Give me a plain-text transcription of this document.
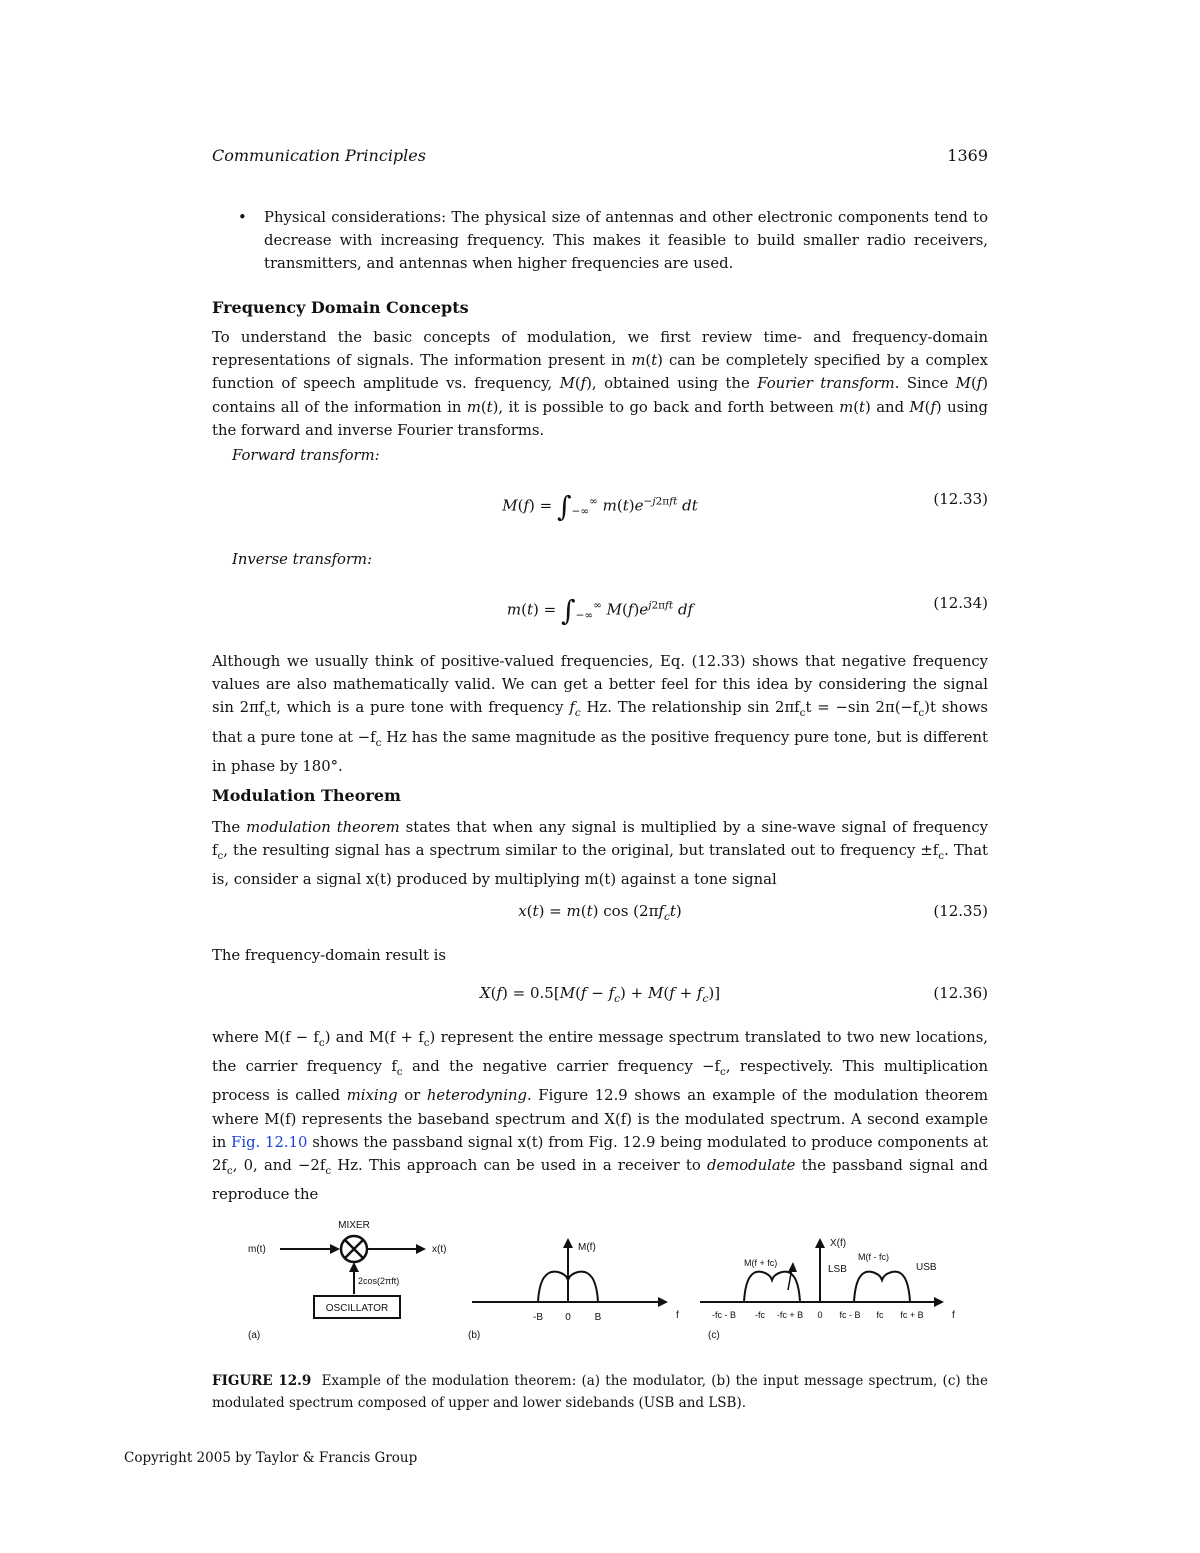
Communication Principles	1369
• Physical considerations: The physical size of antennas and other electronic components tend to decrease with increasing frequency. This makes it feasible to build smaller radio receivers, transmitters, and antennas when higher frequencies are used.
Frequency Domain Concepts
To understand the basic concepts of modulation, we first review time- and frequency-domain representations of signals. The information present in m(t) can be completely specified by a complex function of speech amplitude vs. frequency, M(f), obtained using the Fourier transform. Since M(f) contains all of the information in m(t), it is possible to go back and forth between m(t) and M(f) using the forward and inverse Fourier transforms.
Forward transform:
$M(f) = \int_{-\infty}^\infty$ $m(t)e^{-j2\pi ft}$ dt	(12.33)
Inverse transform:
$m(t) = \int_{-\infty}^\infty$ $M(f)e^{j2\pi ft}$ df	(12.34)
Although we usually think of positive-valued frequencies, Eq. (12.33) shows that negative frequency values are also mathematically valid. We can get a better feel for this idea by considering the signal $\sin 2\pi f_ct$, which is a pure tone with frequency $f_c$ Hz. The relationship $\sin 2\pi f_ct = -\sin$ $2\pi(-f_c)t$ shows that a pure tone at $-f_c$ Hz has the same magnitude as the positive frequency pure tone, but is different in phase by 180°.
Modulation Theorem
The modulation theorem states that when any signal is multiplied by a sine-wave signal of frequency $f_c$, the resulting signal has a spectrum similar to the original, but translated out to frequency $\pm f_c$. That is, consider a signal x(t) produced by multiplying m(t) against a tone signal
x(t) = m(t) $\cos (2\pi f_ct)$	(12.35)
The frequency-domain result is
$X(f) = 0.5[M(f - f_c) + M(f + f_c)]$	(12.36)
where $M(f - f_c)$ and $M(f + f_c)$ represent the entire message spectrum translated to two new locations, the carrier frequency $f_c$ and the negative carrier frequency $-f_c$, respectively. This multiplication process is called mixing or heterodyning. Figure 12.9 shows an example of the modulation theorem where M(f) represents the baseband spectrum and X(f) is the modulated spectrum. A second example in Fig. 12.10 shows the passband signal x(t) from Fig. 12.9 being modulated to produce components at $2f_c$, 0, and $-2f_c$ Hz. This approach can be used in a receiver to demodulate the passband signal and reproduce the
m(t)
MIXER
x(t)
2cos(2πft)
OSCILLATOR
(a)
M(f)
f
-B 0 B
(b)
X(f)
M(f + fc)
M(f - fc)
LSB	USB
f
-fc - B -fc -fc + B 0 fc - B fc fc + B
(c)
FIGURE 12.9 Example of the modulation theorem: (a) the modulator, (b) the input message spectrum, (c) the modulated spectrum composed of upper and lower sidebands (USB and LSB).
Copyright 2005 by Taylor & Francis Group
